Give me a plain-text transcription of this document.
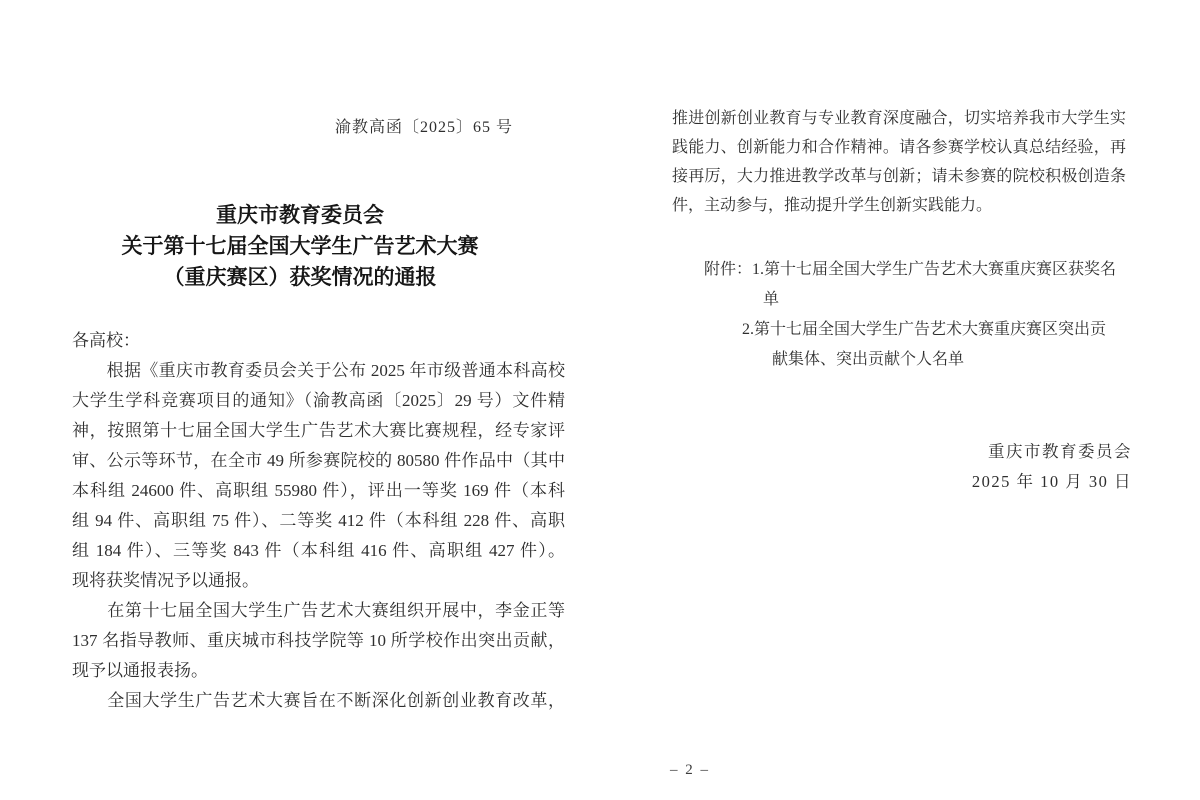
渝教高函〔2025〕65 号
重庆市教育委员会
关于第十七届全国大学生广告艺术大赛
（重庆赛区）获奖情况的通报
各高校：
　　根据《重庆市教育委员会关于公布 2025 年市级普通本科高校
大学生学科竞赛项目的通知》（渝教高函〔2025〕29 号）文件精
神，按照第十七届全国大学生广告艺术大赛比赛规程，经专家评
审、公示等环节，在全市 49 所参赛院校的 80580 件作品中（其中
本科组 24600 件、高职组 55980 件），评出一等奖 169 件（本科
组 94 件、高职组 75 件）、二等奖 412 件（本科组 228 件、高职
组 184 件）、三等奖 843 件（本科组 416 件、高职组 427 件）。
现将获奖情况予以通报。
　　在第十七届全国大学生广告艺术大赛组织开展中，李金正等
137 名指导教师、重庆城市科技学院等 10 所学校作出突出贡献，
现予以通报表扬。
　　全国大学生广告艺术大赛旨在不断深化创新创业教育改革，
推进创新创业教育与专业教育深度融合，切实培养我市大学生实
践能力、创新能力和合作精神。请各参赛学校认真总结经验，再
接再厉，大力推进教学改革与创新；请未参赛的院校积极创造条
件，主动参与，推动提升学生创新实践能力。
附件：1.第十七届全国大学生广告艺术大赛重庆赛区获奖名
单
2.第十七届全国大学生广告艺术大赛重庆赛区突出贡
献集体、突出贡献个人名单
重庆市教育委员会
2025 年 10 月 30 日
– 2 –
